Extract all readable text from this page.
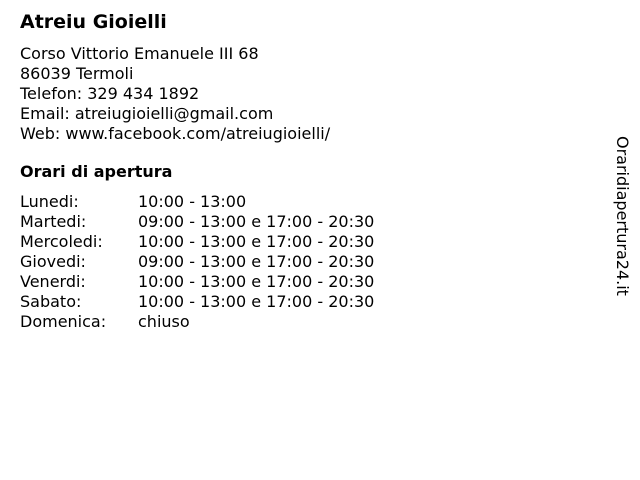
Atreiu Gioielli
Corso Vittorio Emanuele III 68
86039 Termoli
Telefon: 329 434 1892
Email: atreiugioielli@gmail.com
Web: www.facebook.com/atreiugioielli/
Orari di apertura
Lunedi:	10:00 - 13:00
Martedi:	09:00 - 13:00 e 17:00 - 20:30
Mercoledi:	10:00 - 13:00 e 17:00 - 20:30
Giovedi:	09:00 - 13:00 e 17:00 - 20:30
Venerdi:	10:00 - 13:00 e 17:00 - 20:30
Sabato:	10:00 - 13:00 e 17:00 - 20:30
Domenica:	chiuso
Oraridiapertura24.it
